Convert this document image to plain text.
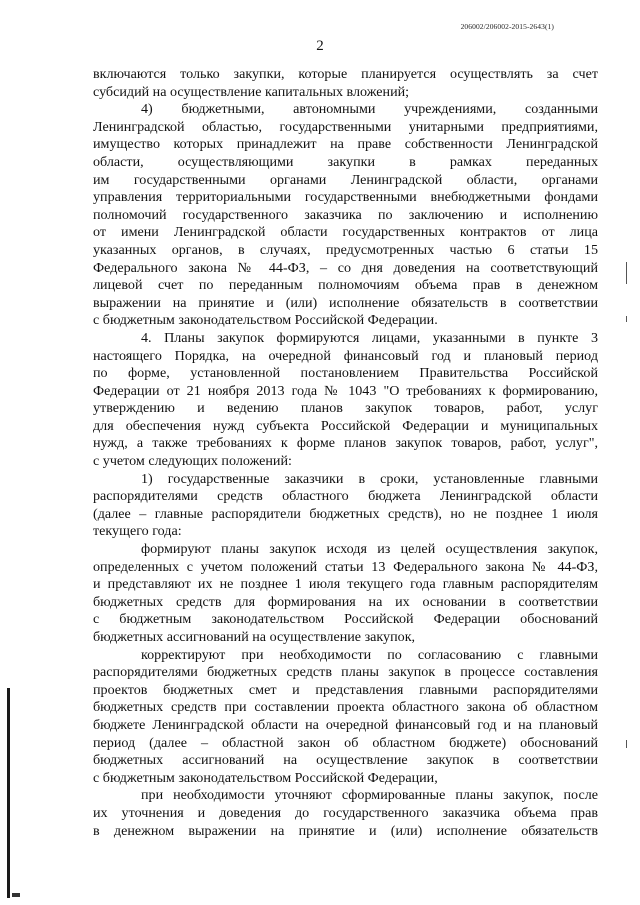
206002/206002-2015-2643(1)
2
включаются только закупки, которые планируется осуществлять за счет
субсидий на осуществление капитальных вложений;
4) бюджетными, автономными учреждениями, созданными
Ленинградской областью, государственными унитарными предприятиями,
имущество которых принадлежит на праве собственности Ленинградской
области, осуществляющими закупки в рамках переданных
им государственными органами Ленинградской области, органами
управления территориальными государственными внебюджетными фондами
полномочий государственного заказчика по заключению и исполнению
от имени Ленинградской области государственных контрактов от лица
указанных органов, в случаях, предусмотренных частью 6 статьи 15
Федерального закона № 44-ФЗ, – со дня доведения на соответствующий
лицевой счет по переданным полномочиям объема прав в денежном
выражении на принятие и (или) исполнение обязательств в соответствии
с бюджетным законодательством Российской Федерации.
4. Планы закупок формируются лицами, указанными в пункте 3
настоящего Порядка, на очередной финансовый год и плановый период
по форме, установленной постановлением Правительства Российской
Федерации от 21 ноября 2013 года № 1043 "О требованиях к формированию,
утверждению и ведению планов закупок товаров, работ, услуг
для обеспечения нужд субъекта Российской Федерации и муниципальных
нужд, а также требованиях к форме планов закупок товаров, работ, услуг",
с учетом следующих положений:
1) государственные заказчики в сроки, установленные главными
распорядителями средств областного бюджета Ленинградской области
(далее – главные распорядители бюджетных средств), но не позднее 1 июля
текущего года:
формируют планы закупок исходя из целей осуществления закупок,
определенных с учетом положений статьи 13 Федерального закона № 44-ФЗ,
и представляют их не позднее 1 июля текущего года главным распорядителям
бюджетных средств для формирования на их основании в соответствии
с бюджетным законодательством Российской Федерации обоснований
бюджетных ассигнований на осуществление закупок,
корректируют при необходимости по согласованию с главными
распорядителями бюджетных средств планы закупок в процессе составления
проектов бюджетных смет и представления главными распорядителями
бюджетных средств при составлении проекта областного закона об областном
бюджете Ленинградской области на очередной финансовый год и на плановый
период (далее – областной закон об областном бюджете) обоснований
бюджетных ассигнований на осуществление закупок в соответствии
с бюджетным законодательством Российской Федерации,
при необходимости уточняют сформированные планы закупок, после
их уточнения и доведения до государственного заказчика объема прав
в денежном выражении на принятие и (или) исполнение обязательств
